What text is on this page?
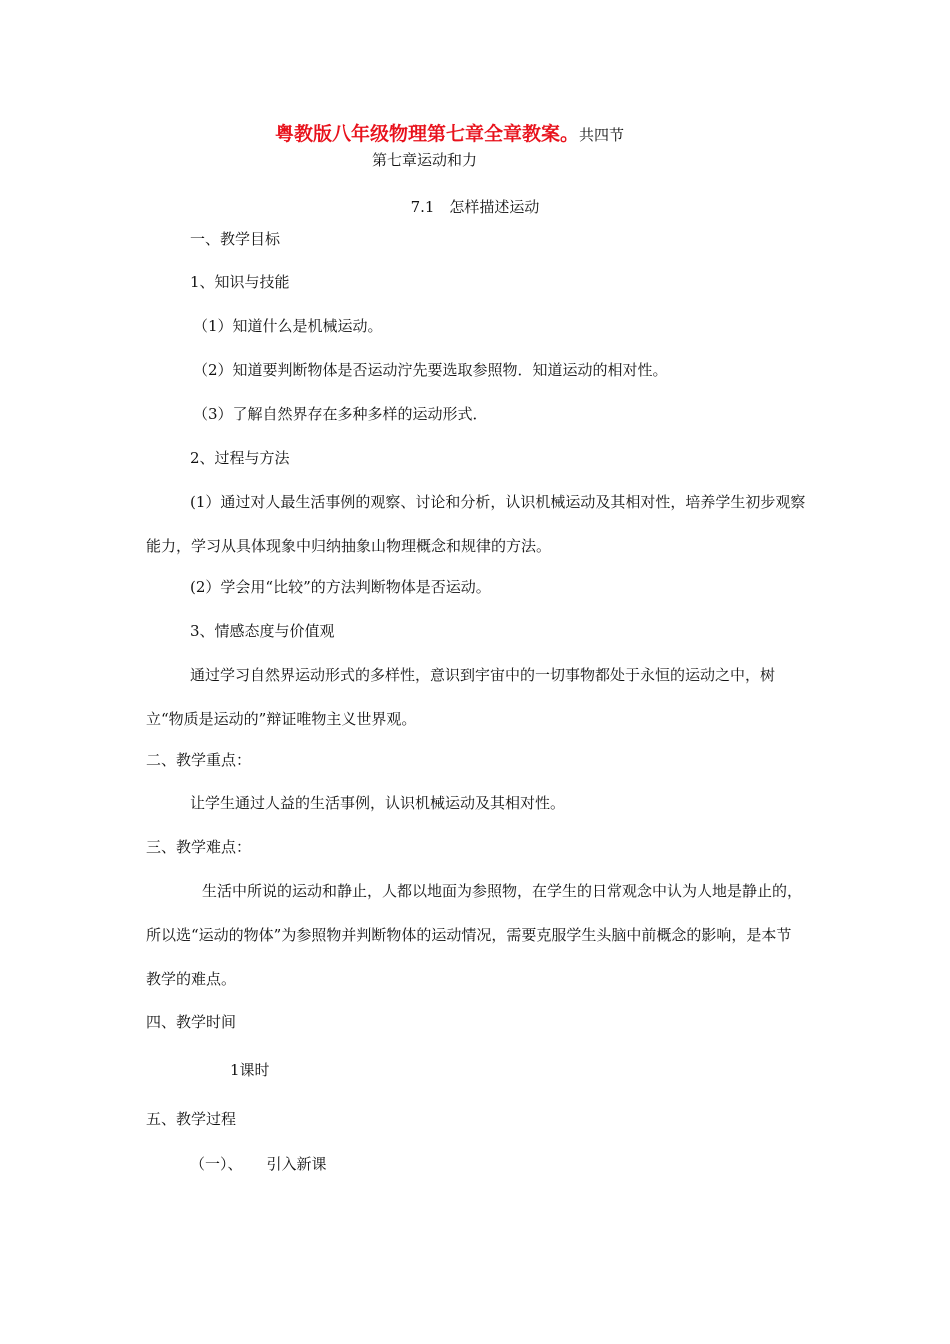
粤教版八年级物理第七章全章教案。共四节
第七章运动和力
7.1　怎样描述运动
一、教学目标
1、知识与技能
（1）知道什么是机械运动。
（2）知道要判断物体是否运动泞先要选取参照物．知道运动的相对性。
（3）了解自然界存在多种多样的运动形式．
2、过程与方法
(1）通过对人最生活事例的观察、讨论和分析，认识机械运动及其相对性，培养学生初步观察能力，学习从具体现象中归纳抽象山物理概念和规律的方法。
(2）学会用“比较”的方法判断物体是否运动。
3、情感态度与价值观
通过学习自然界运动形式的多样性，意识到宇宙中的一切事物都处于永恒的运动之中，树立“物质是运动的”辩证唯物主义世界观。
二、教学重点：
让学生通过人益的生活事例，认识机械运动及其相对性。
三、教学难点：
生活中所说的运动和静止，人都以地面为参照物，在学生的日常观念中认为人地是静止的，所以选“运动的物体”为参照物并判断物体的运动情况，需要克服学生头脑中前概念的影响，是本节教学的难点。
四、教学时间
1课时
五、教学过程
（一）、 引入新课
